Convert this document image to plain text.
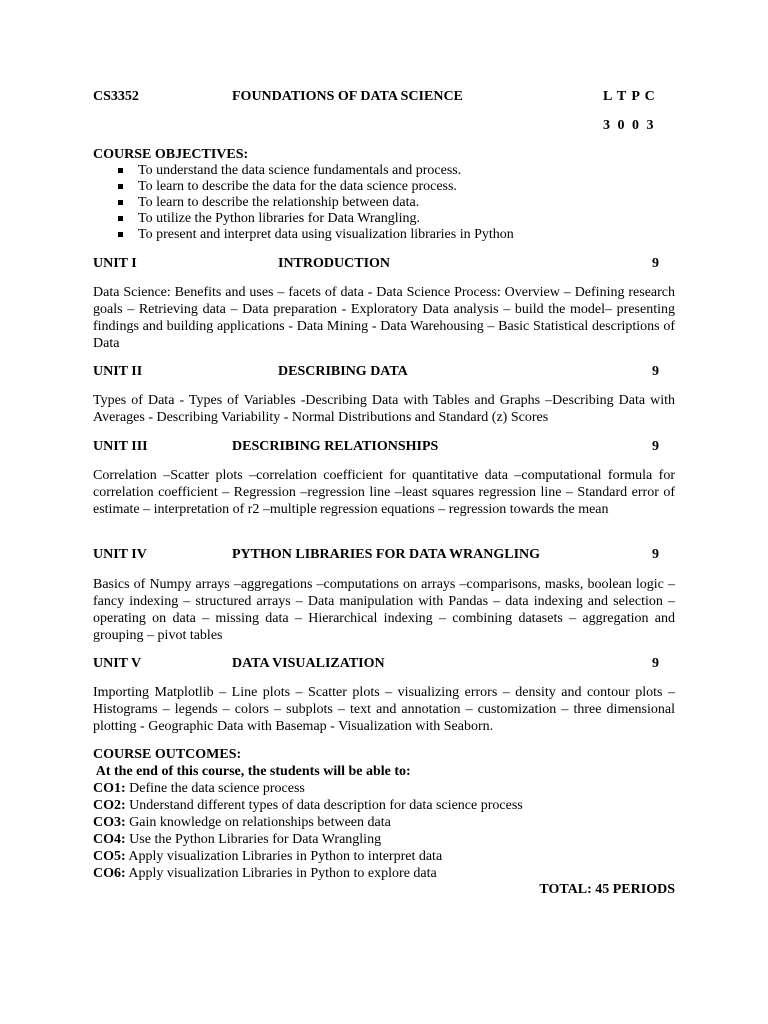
CS3352	FOUNDATIONS OF DATA SCIENCE	L T P C
3 0 0 3
COURSE OBJECTIVES:
To understand the data science fundamentals and process.
To learn to describe the data for the data science process.
To learn to describe the relationship between data.
To utilize the Python libraries for Data Wrangling.
To present and interpret data using visualization libraries in Python
UNIT I	INTRODUCTION	9
Data Science: Benefits and uses – facets of data - Data Science Process: Overview – Defining research goals – Retrieving data – Data preparation - Exploratory Data analysis – build the model– presenting findings and building applications - Data Mining - Data Warehousing – Basic Statistical descriptions of Data
UNIT II	DESCRIBING DATA	9
Types of Data - Types of Variables -Describing Data with Tables and Graphs –Describing Data with Averages - Describing Variability - Normal Distributions and Standard (z) Scores
UNIT III	DESCRIBING RELATIONSHIPS	9
Correlation –Scatter plots –correlation coefficient for quantitative data –computational formula for correlation coefficient – Regression –regression line –least squares regression line – Standard error of estimate – interpretation of r2 –multiple regression equations – regression towards the mean
UNIT IV	PYTHON LIBRARIES FOR DATA WRANGLING	9
Basics of Numpy arrays –aggregations –computations on arrays –comparisons, masks, boolean logic – fancy indexing – structured arrays – Data manipulation with Pandas – data indexing and selection – operating on data – missing data – Hierarchical indexing – combining datasets – aggregation and grouping – pivot tables
UNIT V	DATA VISUALIZATION	9
Importing Matplotlib – Line plots – Scatter plots – visualizing errors – density and contour plots – Histograms – legends – colors – subplots – text and annotation – customization – three dimensional plotting - Geographic Data with Basemap - Visualization with Seaborn.
COURSE OUTCOMES:
At the end of this course, the students will be able to:
CO1: Define the data science process
CO2: Understand different types of data description for data science process
CO3: Gain knowledge on relationships between data
CO4: Use the Python Libraries for Data Wrangling
CO5: Apply visualization Libraries in Python to interpret data
CO6: Apply visualization Libraries in Python to explore data
TOTAL: 45 PERIODS
